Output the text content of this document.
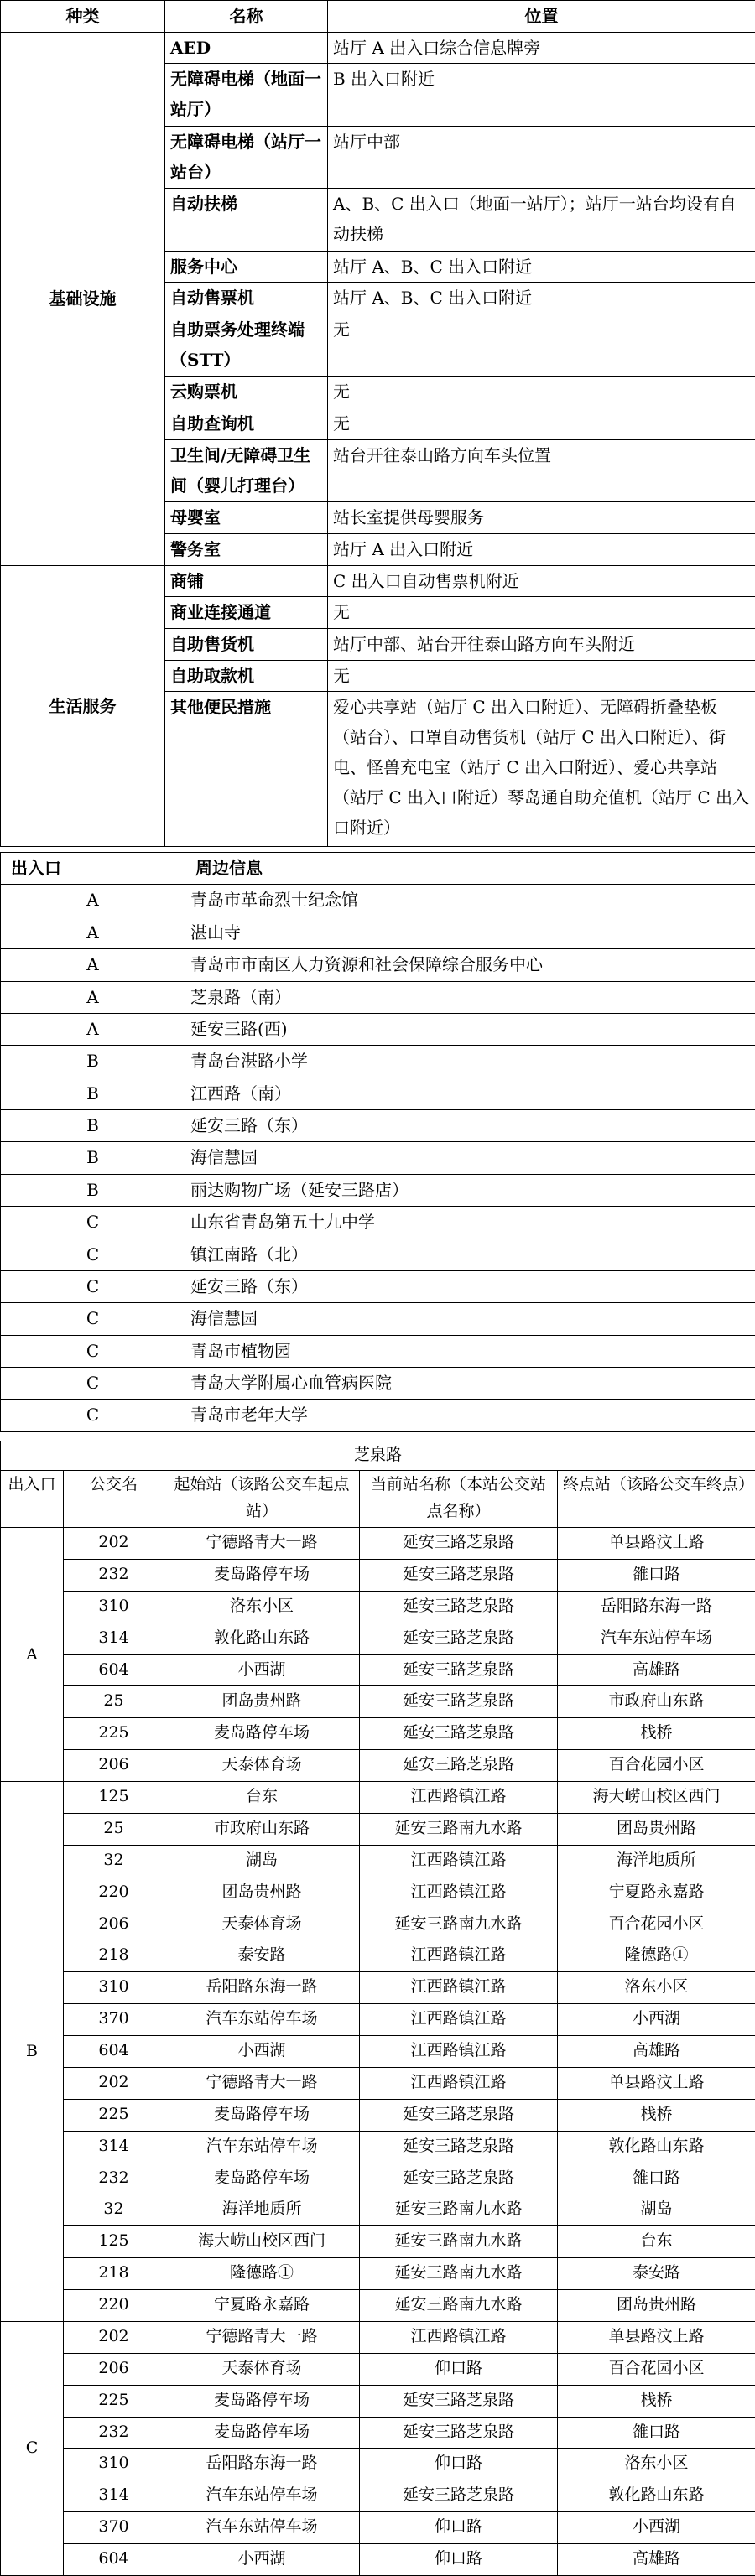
种类	名称	位置
基础设施	AED	站厅 A 出入口综合信息牌旁
	无障碍电梯（地面一站厅）	B 出入口附近
	无障碍电梯（站厅一站台）	站厅中部
	自动扶梯	A、B、C 出入口（地面一站厅）；站厅一站台均设有自动扶梯
	服务中心	站厅 A、B、C 出入口附近
	自动售票机	站厅 A、B、C 出入口附近
	自助票务处理终端（STT）	无
	云购票机	无
	自助查询机	无
	卫生间/无障碍卫生间（婴儿打理台）	站台开往泰山路方向车头位置
	母婴室	站长室提供母婴服务
	警务室	站厅 A 出入口附近
生活服务	商铺	C 出入口自动售票机附近
	商业连接通道	无
	自助售货机	站厅中部、站台开往泰山路方向车头附近
	自助取款机	无
	其他便民措施	爱心共享站（站厅 C 出入口附近）、无障碍折叠垫板（站台）、口罩自动售货机（站厅 C 出入口附近）、街电、怪兽充电宝（站厅 C 出入口附近）、爱心共享站（站厅 C 出入口附近）琴岛通自助充值机（站厅 C 出入口附近）
出入口	周边信息
A	青岛市革命烈士纪念馆
A	湛山寺
A	青岛市市南区人力资源和社会保障综合服务中心
A	芝泉路（南）
A	延安三路(西)
B	青岛台湛路小学
B	江西路（南）
B	延安三路（东）
B	海信慧园
B	丽达购物广场（延安三路店）
C	山东省青岛第五十九中学
C	镇江南路（北）
C	延安三路（东）
C	海信慧园
C	青岛市植物园
C	青岛大学附属心血管病医院
C	青岛市老年大学
芝泉路				
出入口	公交名	起始站（该路公交车起点站）	当前站名称（本站公交站点名称）	终点站（该路公交车终点）
A	202	宁德路青大一路	延安三路芝泉路	单县路汶上路
	232	麦岛路停车场	延安三路芝泉路	雒口路
	310	洛东小区	延安三路芝泉路	岳阳路东海一路
	314	敦化路山东路	延安三路芝泉路	汽车东站停车场
	604	小西湖	延安三路芝泉路	高雄路
	25	团岛贵州路	延安三路芝泉路	市政府山东路
	225	麦岛路停车场	延安三路芝泉路	栈桥
	206	天泰体育场	延安三路芝泉路	百合花园小区
B	125	台东	江西路镇江路	海大崂山校区西门
	25	市政府山东路	延安三路南九水路	团岛贵州路
	32	湖岛	江西路镇江路	海洋地质所
	220	团岛贵州路	江西路镇江路	宁夏路永嘉路
	206	天泰体育场	延安三路南九水路	百合花园小区
	218	泰安路	江西路镇江路	隆德路①
	310	岳阳路东海一路	江西路镇江路	洛东小区
	370	汽车东站停车场	江西路镇江路	小西湖
	604	小西湖	江西路镇江路	高雄路
	202	宁德路青大一路	江西路镇江路	单县路汶上路
	225	麦岛路停车场	延安三路芝泉路	栈桥
	314	汽车东站停车场	延安三路芝泉路	敦化路山东路
	232	麦岛路停车场	延安三路芝泉路	雒口路
	32	海洋地质所	延安三路南九水路	湖岛
	125	海大崂山校区西门	延安三路南九水路	台东
	218	隆德路①	延安三路南九水路	泰安路
	220	宁夏路永嘉路	延安三路南九水路	团岛贵州路
C	202	宁德路青大一路	江西路镇江路	单县路汶上路
	206	天泰体育场	仰口路	百合花园小区
	225	麦岛路停车场	延安三路芝泉路	栈桥
	232	麦岛路停车场	延安三路芝泉路	雒口路
	310	岳阳路东海一路	仰口路	洛东小区
	314	汽车东站停车场	延安三路芝泉路	敦化路山东路
	370	汽车东站停车场	仰口路	小西湖
	604	小西湖	仰口路	高雄路
